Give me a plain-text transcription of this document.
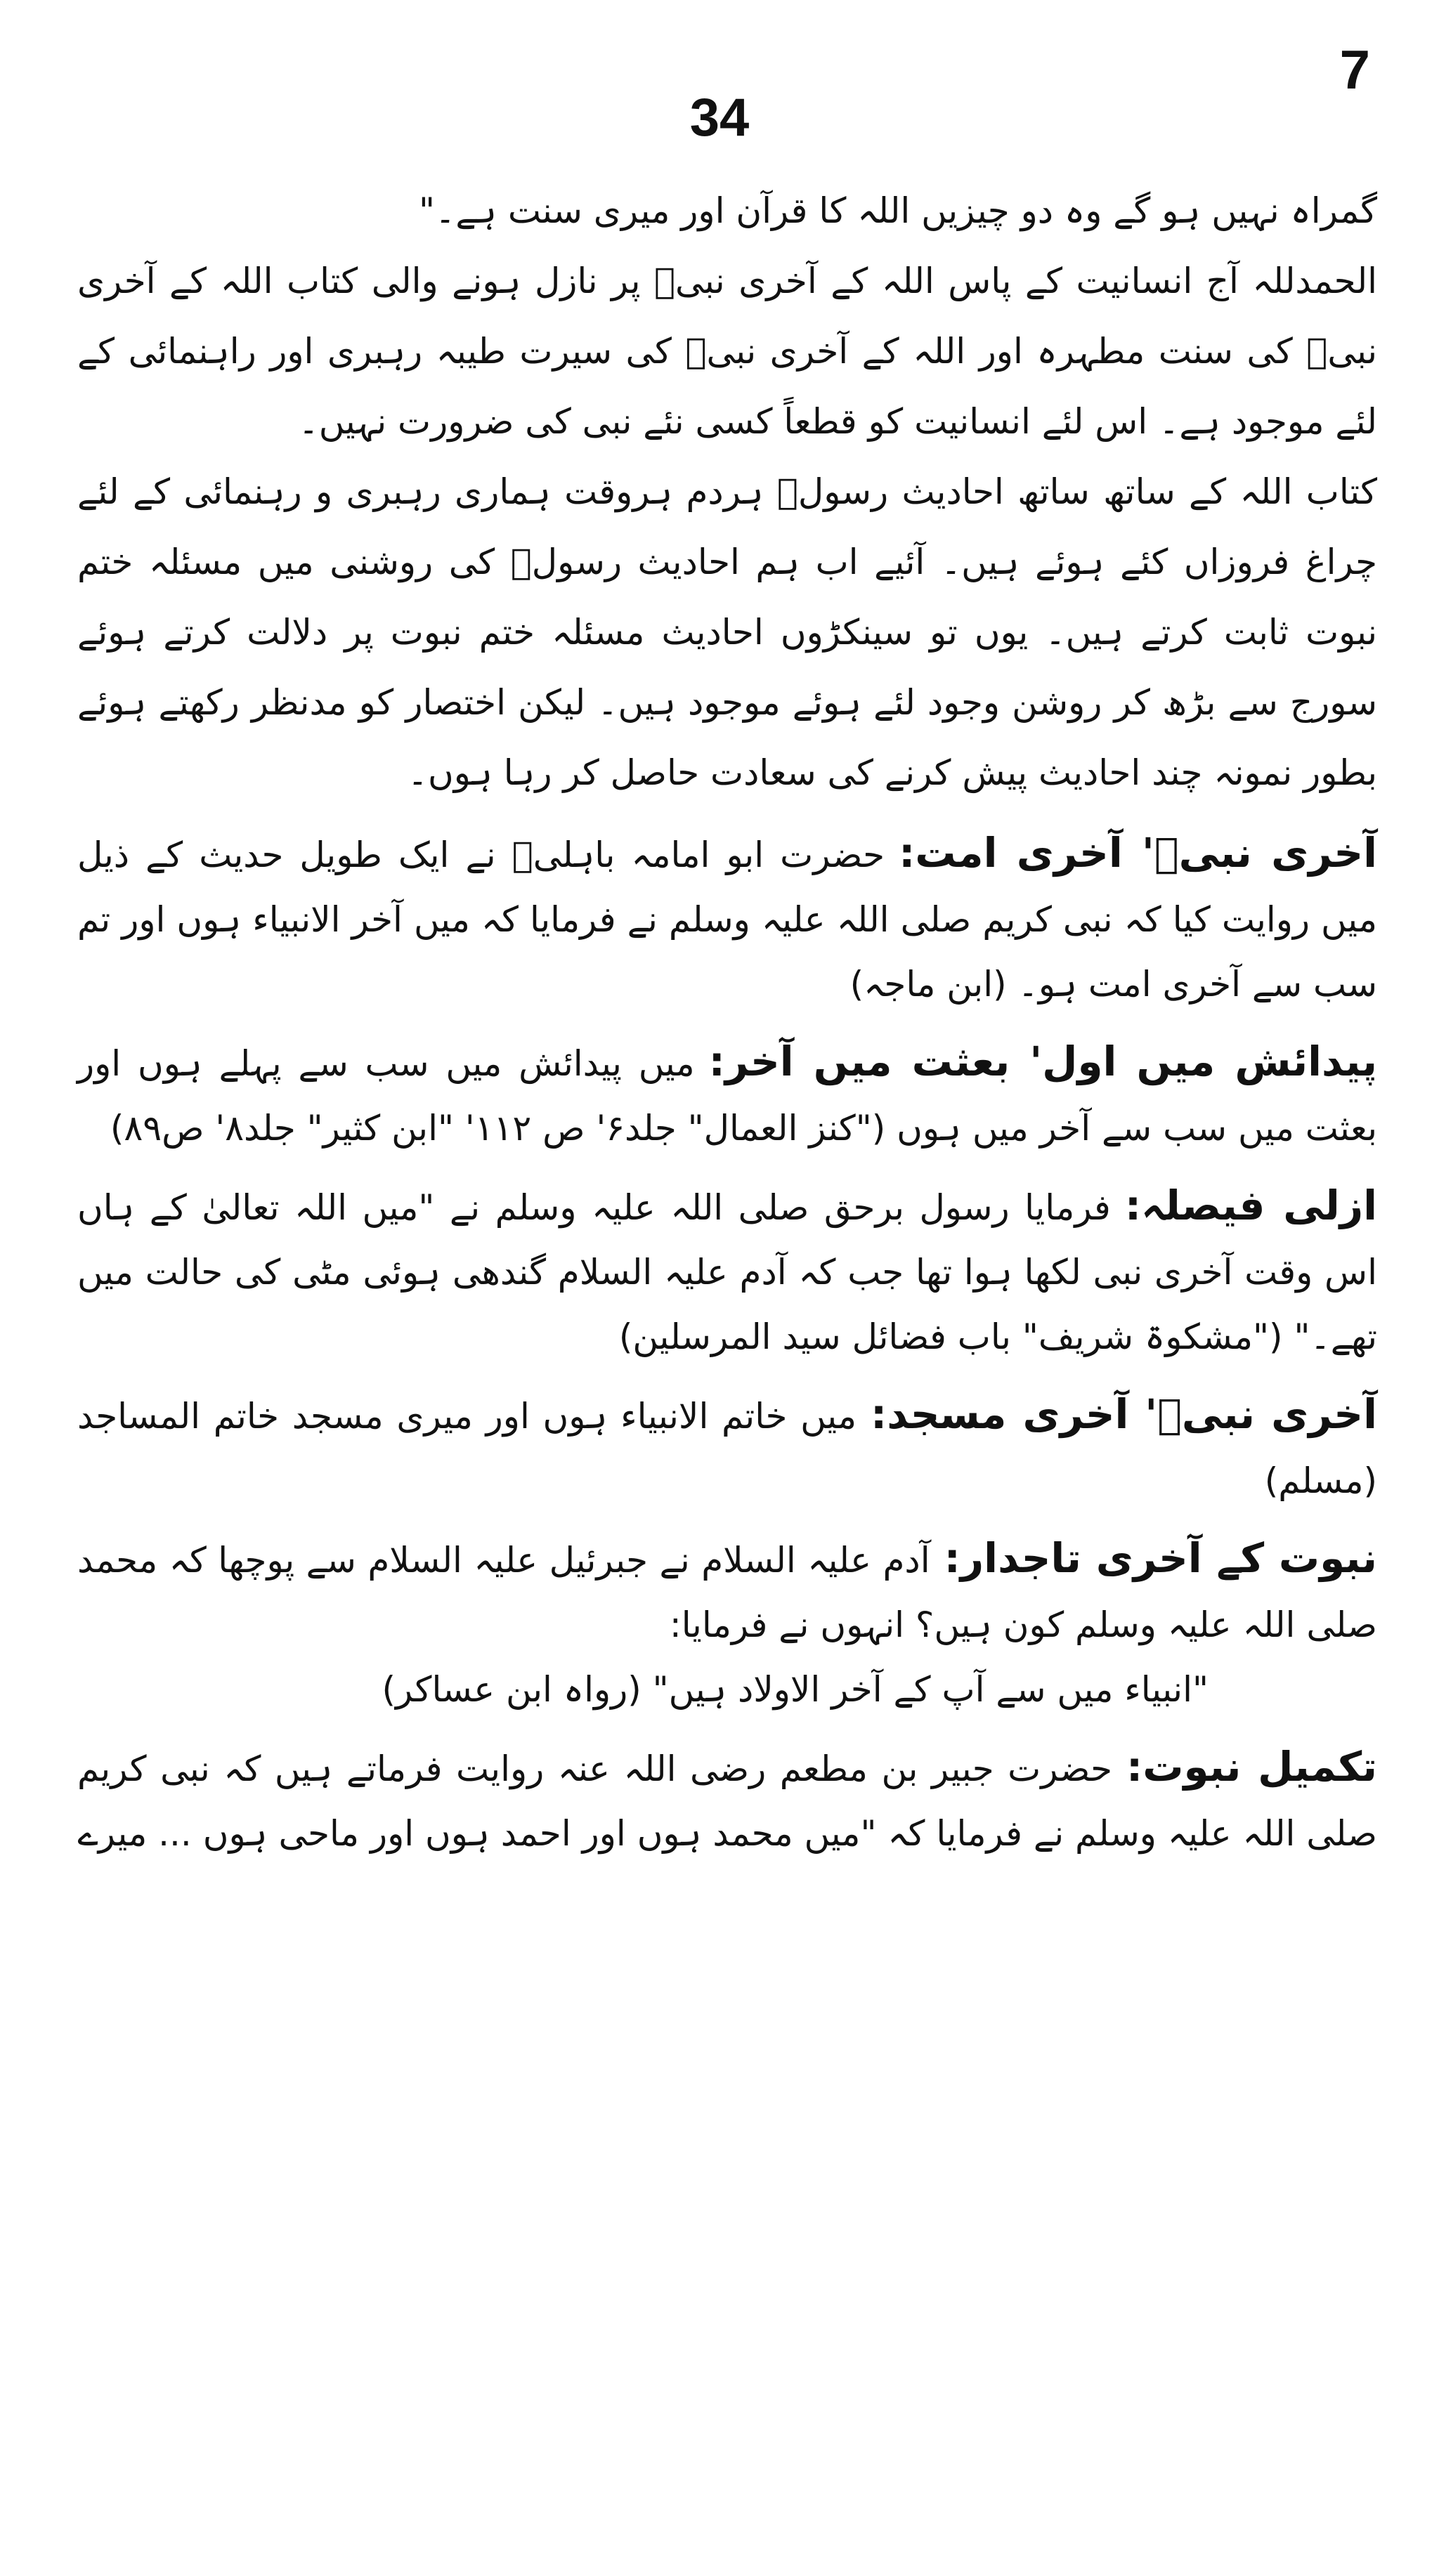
7
34

گمراہ نہیں ہو گے وہ دو چیزیں اللہ کا قرآن اور میری سنت ہے۔"

الحمدللہ آج انسانیت کے پاس اللہ کے آخری نبیؐ پر نازل ہونے والی کتاب اللہ کے آخری نبیؐ کی سنت مطہرہ اور اللہ کے آخری نبیؐ کی سیرت طیبہ رہبری اور راہنمائی کے لئے موجود ہے۔ اس لئے انسانیت کو قطعاً کسی نئے نبی کی ضرورت نہیں۔

کتاب اللہ کے ساتھ ساتھ احادیث رسولؐ ہردم ہروقت ہماری رہبری و رہنمائی کے لئے چراغ فروزاں کئے ہوئے ہیں۔ آئیے اب ہم احادیث رسولؐ کی روشنی میں مسئلہ ختم نبوت ثابت کرتے ہیں۔ یوں تو سینکڑوں احادیث مسئلہ ختم نبوت پر دلالت کرتے ہوئے سورج سے بڑھ کر روشن وجود لئے ہوئے موجود ہیں۔ لیکن اختصار کو مدنظر رکھتے ہوئے بطور نمونہ چند احادیث پیش کرنے کی سعادت حاصل کر رہا ہوں۔

آخری نبیؐ' آخری امت:حضرت ابو امامہ باہلیؓ نے ایک طویل حدیث کے ذیل میں روایت کیا کہ نبی کریم صلی اللہ علیہ وسلم نے فرمایا کہ میں آخر الانبیاء ہوں اور تم سب سے آخری امت ہو۔ (ابن ماجہ)
پیدائش میں اول' بعثت میں آخر:میں پیدائش میں سب سے پہلے ہوں اور بعثت میں سب سے آخر میں ہوں ("کنز العمال" جلد۶' ص ۱۱۲' "ابن کثیر" جلد۸' ص۸۹)
ازلی فیصلہ:فرمایا رسول برحق صلی اللہ علیہ وسلم نے "میں اللہ تعالیٰ کے ہاں اس وقت آخری نبی لکھا ہوا تھا جب کہ آدم علیہ السلام گندھی ہوئی مٹی کی حالت میں تھے۔" ("مشکوۃ شریف" باب فضائل سید المرسلین)
آخری نبیؐ' آخری مسجد:میں خاتم الانبیاء ہوں اور میری مسجد خاتم المساجد (مسلم)
نبوت کے آخری تاجدار:آدم علیہ السلام نے جبرئیل علیہ السلام سے پوچھا کہ محمد صلی اللہ علیہ وسلم کون ہیں؟ انہوں نے فرمایا:

"انبیاء میں سے آپ کے آخر الاولاد ہیں" (رواہ ابن عساکر)

تکمیل نبوت:حضرت جبیر بن مطعم رضی اللہ عنہ روایت فرماتے ہیں کہ نبی کریم صلی اللہ علیہ وسلم نے فرمایا کہ "میں محمد ہوں اور احمد ہوں اور ماحی ہوں ... میرے
